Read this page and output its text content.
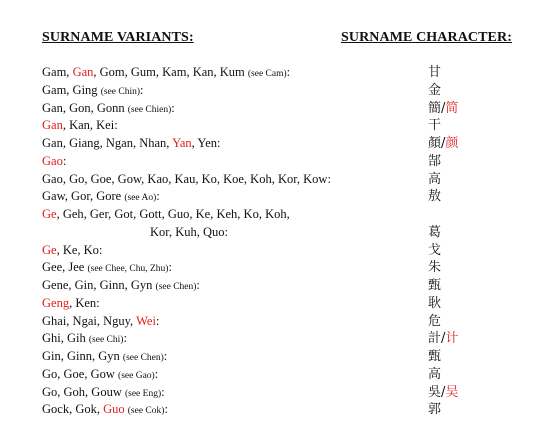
SURNAME VARIANTS:	SURNAME CHARACTER:
Gam, Gan, Gom, Gum, Kam, Kan, Kum (see Cam):	甘
Gam, Ging (see Chin):	金
Gan, Gon, Gonn (see Chien):	簡/简
Gan, Kan, Kei:	干
Gan, Giang, Ngan, Nhan, Yan, Yen:	顏/颜
Gao:	郜
Gao, Go, Goe, Gow, Kao, Kau, Ko, Koe, Koh, Kor, Kow:	高
Gaw, Gor, Gore (see Ao):	敖
Ge, Geh, Ger, Got, Gott, Guo, Ke, Keh, Ko, Koh,
Kor, Kuh, Quo:	葛
Ge, Ke, Ko:	戈
Gee, Jee (see Chee, Chu, Zhu):	朱
Gene, Gin, Ginn, Gyn (see Chen):	甄
Geng, Ken:	耿
Ghai, Ngai, Nguy, Wei:	危
Ghi, Gih (see Chi):	計/计
Gin, Ginn, Gyn (see Chen):	甄
Go, Goe, Gow (see Gao):	高
Go, Goh, Gouw (see Eng):	吳/吴
Gock, Gok, Guo (see Cok):	郭
